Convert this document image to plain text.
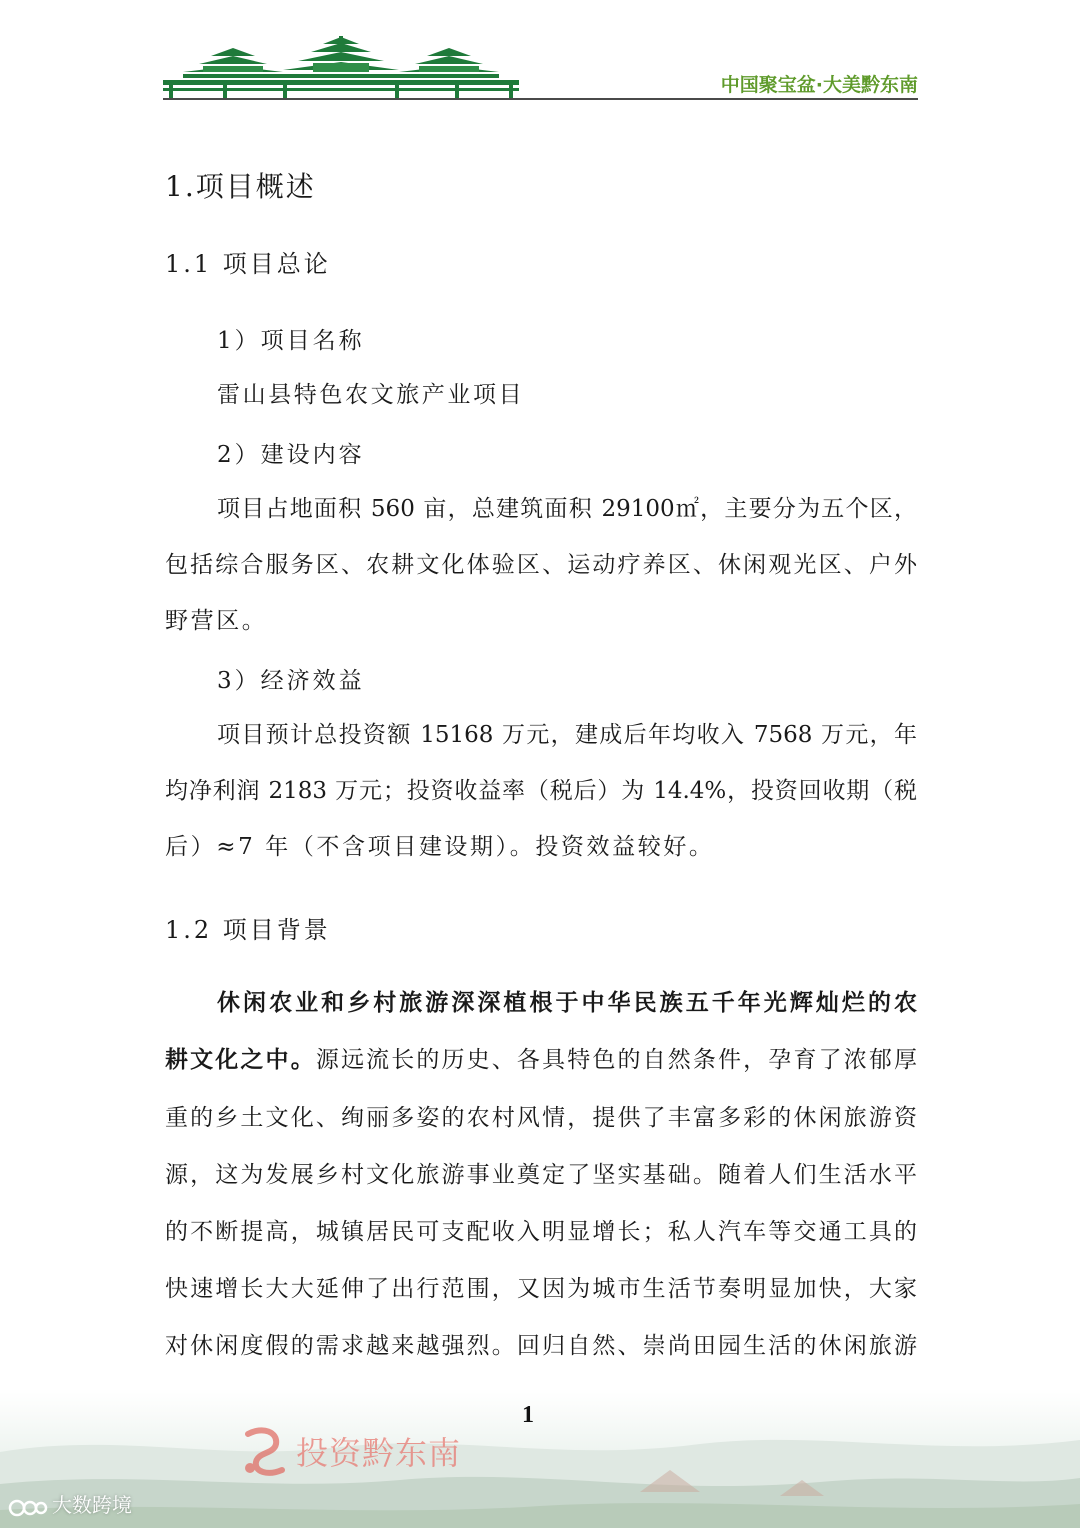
中国聚宝盆·大美黔东南
1.项目概述
1.1 项目总论
1）项目名称
雷山县特色农文旅产业项目
2）建设内容
项目占地面积 560 亩，总建筑面积 29100㎡，主要分为五个区，
包括综合服务区、农耕文化体验区、运动疗养区、休闲观光区、户外
野营区。
3）经济效益
项目预计总投资额 15168 万元，建成后年均收入 7568 万元，年
均净利润 2183 万元；投资收益率（税后）为 14.4%，投资回收期（税
后）≈7 年（不含项目建设期）。投资效益较好。
1.2 项目背景
休闲农业和乡村旅游深深植根于中华民族五千年光辉灿烂的农
耕文化之中。源远流长的历史、各具特色的自然条件，孕育了浓郁厚
重的乡土文化、绚丽多姿的农村风情，提供了丰富多彩的休闲旅游资
源，这为发展乡村文化旅游事业奠定了坚实基础。随着人们生活水平
的不断提高，城镇居民可支配收入明显增长；私人汽车等交通工具的
快速增长大大延伸了出行范围，又因为城市生活节奏明显加快，大家
对休闲度假的需求越来越强烈。回归自然、崇尚田园生活的休闲旅游
1
投资黔东南
大数跨境
